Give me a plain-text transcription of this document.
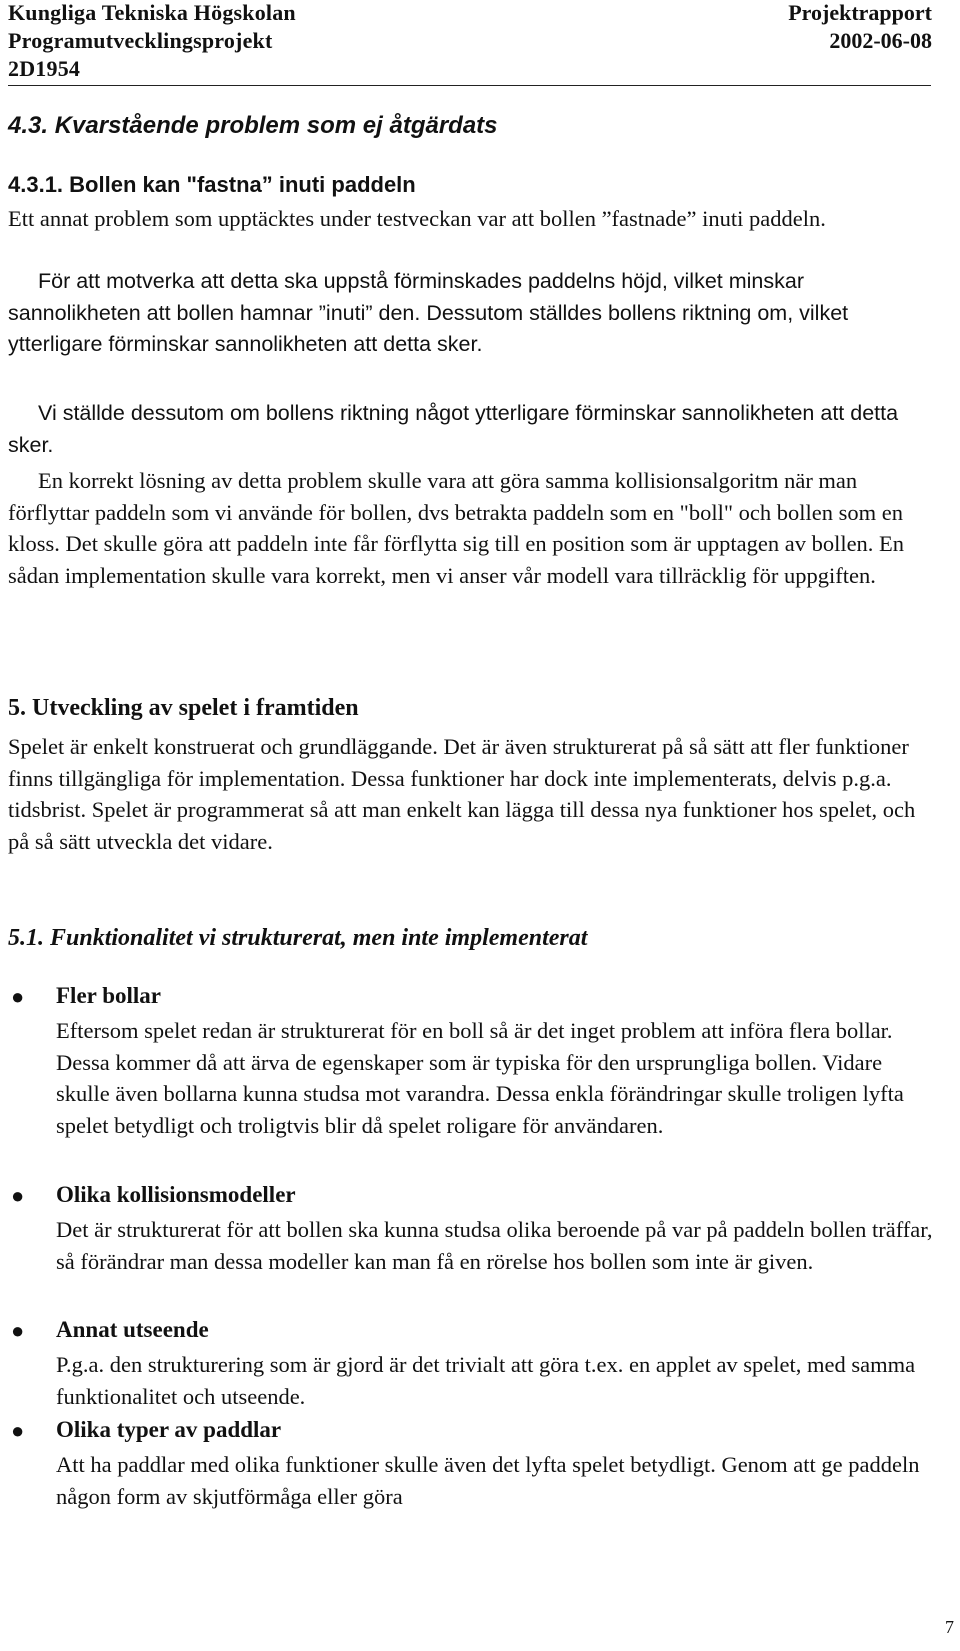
Kungliga Tekniska Högskolan
Programutvecklingsprojekt
2D1954
Projektrapport
2002-06-08
4.3. Kvarstående problem som ej åtgärdats
4.3.1. Bollen kan "fastna” inuti paddeln
Ett annat problem som upptäcktes under testveckan var att bollen ”fastnade” inuti paddeln.
För att motverka att detta ska uppstå förminskades paddelns höjd, vilket minskar sannolikheten att bollen hamnar ”inuti” den. Dessutom ställdes bollens riktning om, vilket ytterligare förminskar sannolikheten att detta sker.
Vi ställde dessutom om bollens riktning något ytterligare förminskar sannolikheten att detta sker.
En korrekt lösning av detta problem skulle vara att göra samma kollisionsalgoritm när man förflyttar paddeln som vi använde för bollen, dvs betrakta paddeln som en "boll" och bollen som en kloss. Det skulle göra att paddeln inte får förflytta sig till en position som är upptagen av bollen. En sådan implementation skulle vara korrekt, men vi anser vår modell vara tillräcklig för uppgiften.
5. Utveckling av spelet i framtiden
Spelet är enkelt konstruerat och grundläggande. Det är även strukturerat på så sätt att fler funktioner finns tillgängliga för implementation. Dessa funktioner har dock inte implementerats, delvis p.g.a. tidsbrist. Spelet är programmerat så att man enkelt kan lägga till dessa nya funktioner hos spelet, och på så sätt utveckla det vidare.
5.1. Funktionalitet vi strukturerat, men inte implementerat
● Fler bollar
Eftersom spelet redan är strukturerat för en boll så är det inget problem att införa flera bollar. Dessa kommer då att ärva de egenskaper som är typiska för den ursprungliga bollen. Vidare skulle även bollarna kunna studsa mot varandra. Dessa enkla förändringar skulle troligen lyfta spelet betydligt och troligtvis blir då spelet roligare för användaren.
● Olika kollisionsmodeller
Det är strukturerat för att bollen ska kunna studsa olika beroende på var på paddeln bollen träffar, så förändrar man dessa modeller kan man få en rörelse hos bollen som inte är given.
● Annat utseende
P.g.a. den strukturering som är gjord är det trivialt att göra t.ex. en applet av spelet, med samma funktionalitet och utseende.
● Olika typer av paddlar
Att ha paddlar med olika funktioner skulle även det lyfta spelet betydligt. Genom att ge paddeln någon form av skjutförmåga eller göra
7
